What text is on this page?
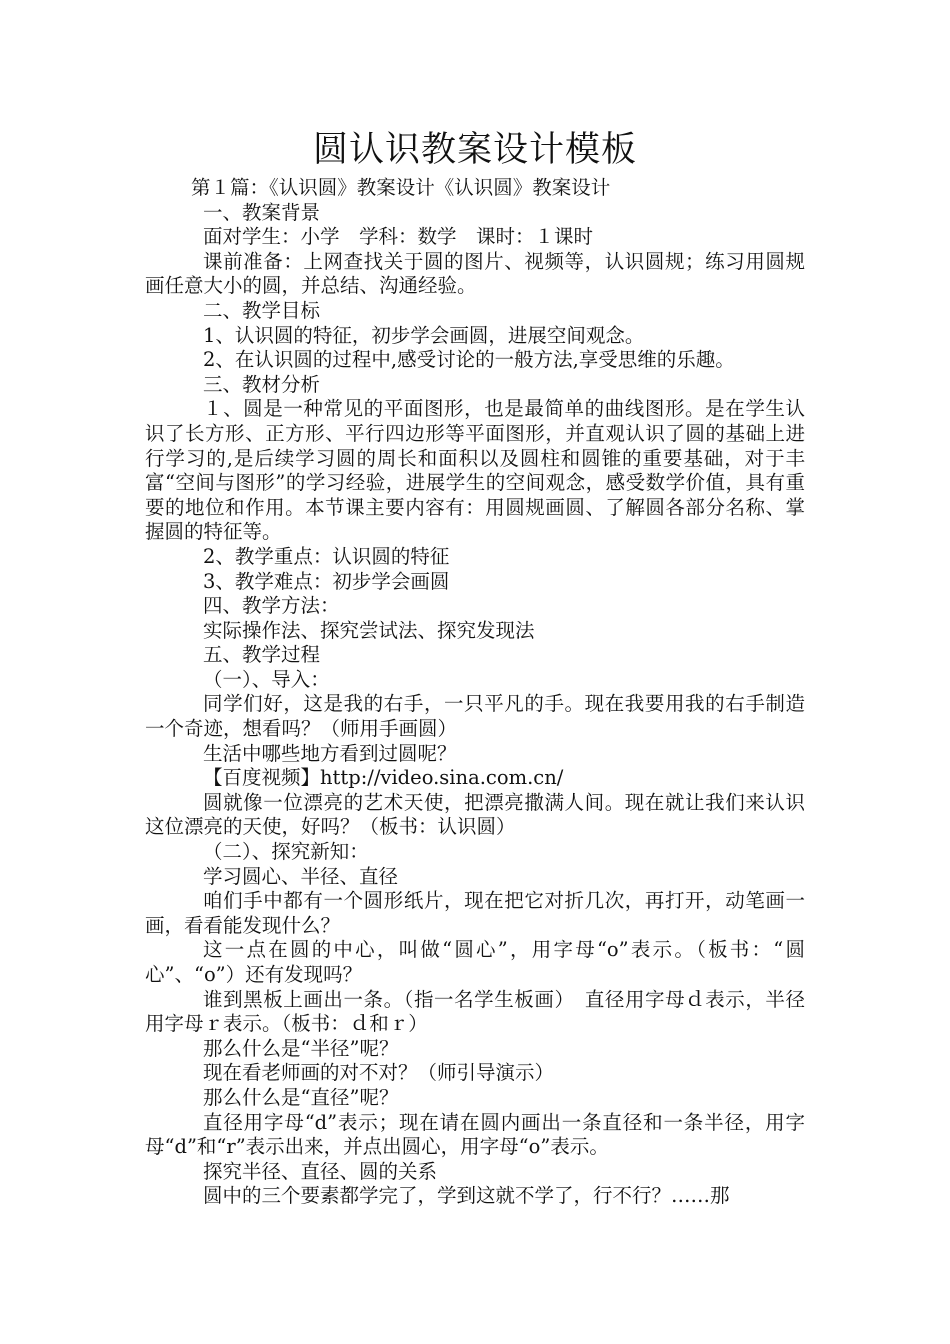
圆认识教案设计模板

第１篇：《认识圆》教案设计《认识圆》教案设计

一、教案背景

面对学生：小学　学科：数学　课时：１课时

课前准备：上网查找关于圆的图片、视频等，认识圆规；练习用圆规画任意大小的圆，并总结、沟通经验。

二、教学目标

1、认识圆的特征，初步学会画圆，进展空间观念。

2、在认识圆的过程中,感受讨论的一般方法,享受思维的乐趣。

三、教材分析

１、圆是一种常见的平面图形，也是最简单的曲线图形。是在学生认识了长方形、正方形、平行四边形等平面图形，并直观认识了圆的基础上进行学习的,是后续学习圆的周长和面积以及圆柱和圆锥的重要基础，对于丰富“空间与图形”的学习经验，进展学生的空间观念，感受数学价值，具有重要的地位和作用。本节课主要内容有：用圆规画圆、了解圆各部分名称、掌握圆的特征等。

2、教学重点：认识圆的特征

3、教学难点：初步学会画圆

四、教学方法：

实际操作法、探究尝试法、探究发现法

五、教学过程

（一）、导入：

同学们好，这是我的右手，一只平凡的手。现在我要用我的右手制造一个奇迹，想看吗？（师用手画圆）

生活中哪些地方看到过圆呢？

【百度视频】http://video.sina.com.cn/

圆就像一位漂亮的艺术天使，把漂亮撒满人间。现在就让我们来认识这位漂亮的天使，好吗？（板书：认识圆）

（二）、探究新知：

学习圆心、半径、直径

咱们手中都有一个圆形纸片，现在把它对折几次，再打开，动笔画一画，看看能发现什么？

这一点在圆的中心，叫做“圆心”，用字母“o”表示。（板书：“圆心”、“o”）还有发现吗？

谁到黑板上画出一条。（指一名学生板画）　直径用字母ｄ表示，半径用字母ｒ表示。（板书：ｄ和ｒ）

那么什么是“半径”呢？

现在看老师画的对不对？（师引导演示）

那么什么是“直径”呢？

直径用字母“d”表示；现在请在圆内画出一条直径和一条半径，用字母“d”和“r”表示出来，并点出圆心，用字母“o”表示。

探究半径、直径、圆的关系

圆中的三个要素都学完了，学到这就不学了，行不行？……那
